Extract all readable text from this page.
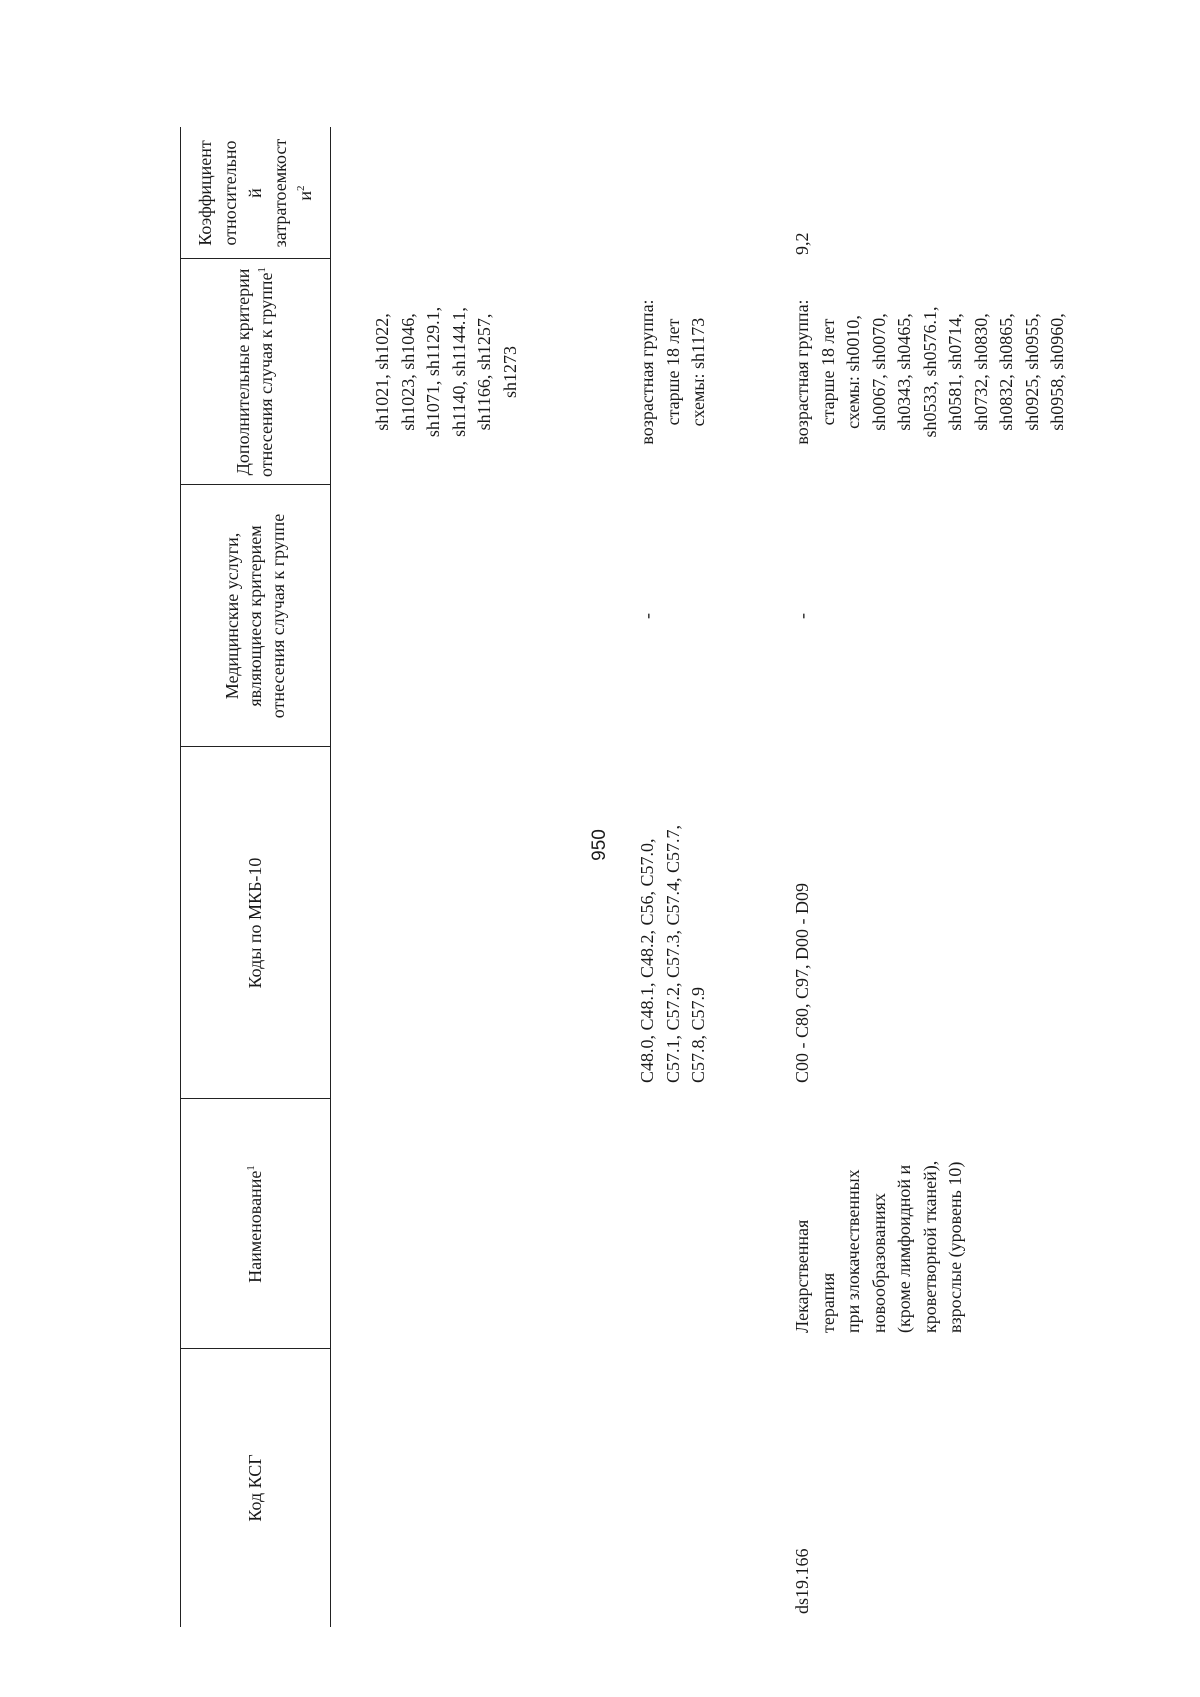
950
Код КСГ
Наименование$^1$
Коды по МКБ-10
Медицинские услуги, являющиеся критерием отнесения случая к группе
Дополнительные критерии отнесения случая к группе$^1$
Коэффициент относительно
й
затратоемкост
$и^2$
sh1021, sh1022,
sh1023, sh1046,
sh1071, sh1129.1,
sh1140, sh1144.1,
sh1166, sh1257,
sh1273
C48.0, C48.1, C48.2, C56, C57.0,
C57.1, C57.2, C57.3, C57.4, C57.7,
C57.8, C57.9
-
возрастная группа:
старше 18 лет
схемы: sh1173
ds19.166
Лекарственная
терапия
при злокачественных
новообразованиях
(кроме лимфоидной и
кроветворной тканей),
взрослые (уровень 10)
C00 - C80, C97, D00 - D09
-
возрастная группа:
старше 18 лет
схемы: sh0010,
sh0067, sh0070,
sh0343, sh0465,
sh0533, sh0576.1,
sh0581, sh0714,
sh0732, sh0830,
sh0832, sh0865,
sh0925, sh0955,
sh0958, sh0960,
9,2
